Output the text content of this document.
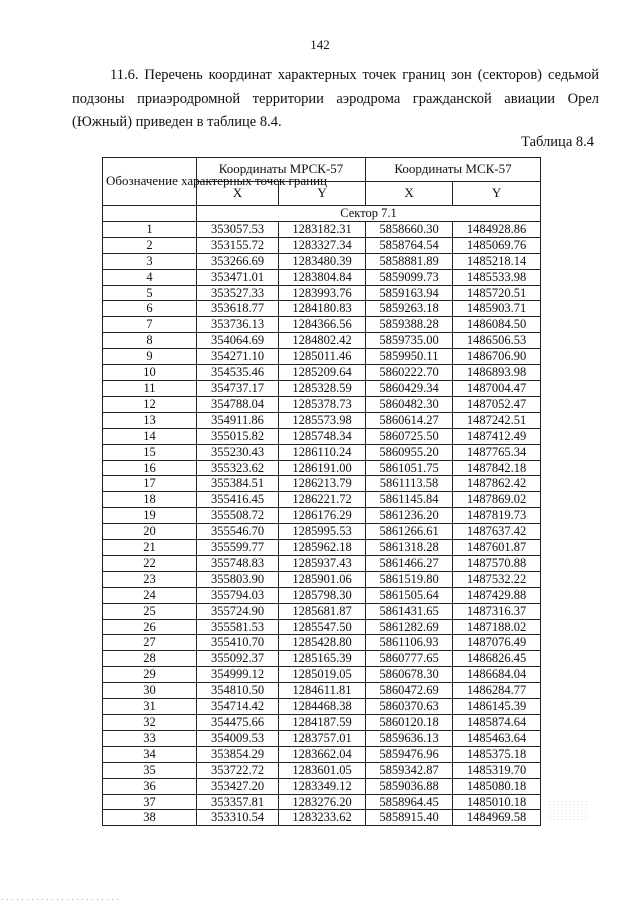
142
11.6. Перечень координат характерных точек границ зон (секторов) седьмой подзоны приаэродромной территории аэродрома гражданской авиации Орел (Южный) приведен в таблице 8.4.
Таблица 8.4
Обозначение характерных точек границ	Координаты МРСК-57		Координаты МСК-57	
	X	Y	X	Y
	Сектор 7.1			
1	353057.53	1283182.31	5858660.30	1484928.86
2	353155.72	1283327.34	5858764.54	1485069.76
3	353266.69	1283480.39	5858881.89	1485218.14
4	353471.01	1283804.84	5859099.73	1485533.98
5	353527.33	1283993.76	5859163.94	1485720.51
6	353618.77	1284180.83	5859263.18	1485903.71
7	353736.13	1284366.56	5859388.28	1486084.50
8	354064.69	1284802.42	5859735.00	1486506.53
9	354271.10	1285011.46	5859950.11	1486706.90
10	354535.46	1285209.64	5860222.70	1486893.98
11	354737.17	1285328.59	5860429.34	1487004.47
12	354788.04	1285378.73	5860482.30	1487052.47
13	354911.86	1285573.98	5860614.27	1487242.51
14	355015.82	1285748.34	5860725.50	1487412.49
15	355230.43	1286110.24	5860955.20	1487765.34
16	355323.62	1286191.00	5861051.75	1487842.18
17	355384.51	1286213.79	5861113.58	1487862.42
18	355416.45	1286221.72	5861145.84	1487869.02
19	355508.72	1286176.29	5861236.20	1487819.73
20	355546.70	1285995.53	5861266.61	1487637.42
21	355599.77	1285962.18	5861318.28	1487601.87
22	355748.83	1285937.43	5861466.27	1487570.88
23	355803.90	1285901.06	5861519.80	1487532.22
24	355794.03	1285798.30	5861505.64	1487429.88
25	355724.90	1285681.87	5861431.65	1487316.37
26	355581.53	1285547.50	5861282.69	1487188.02
27	355410.70	1285428.80	5861106.93	1487076.49
28	355092.37	1285165.39	5860777.65	1486826.45
29	354999.12	1285019.05	5860678.30	1486684.04
30	354810.50	1284611.81	5860472.69	1486284.77
31	354714.42	1284468.38	5860370.63	1486145.39
32	354475.66	1284187.59	5860120.18	1485874.64
33	354009.53	1283757.01	5859636.13	1485463.64
34	353854.29	1283662.04	5859476.96	1485375.18
35	353722.72	1283601.05	5859342.87	1485319.70
36	353427.20	1283349.12	5859036.88	1485080.18
37	353357.81	1283276.20	5858964.45	1485010.18
38	353310.54	1283233.62	5858915.40	1484969.58
